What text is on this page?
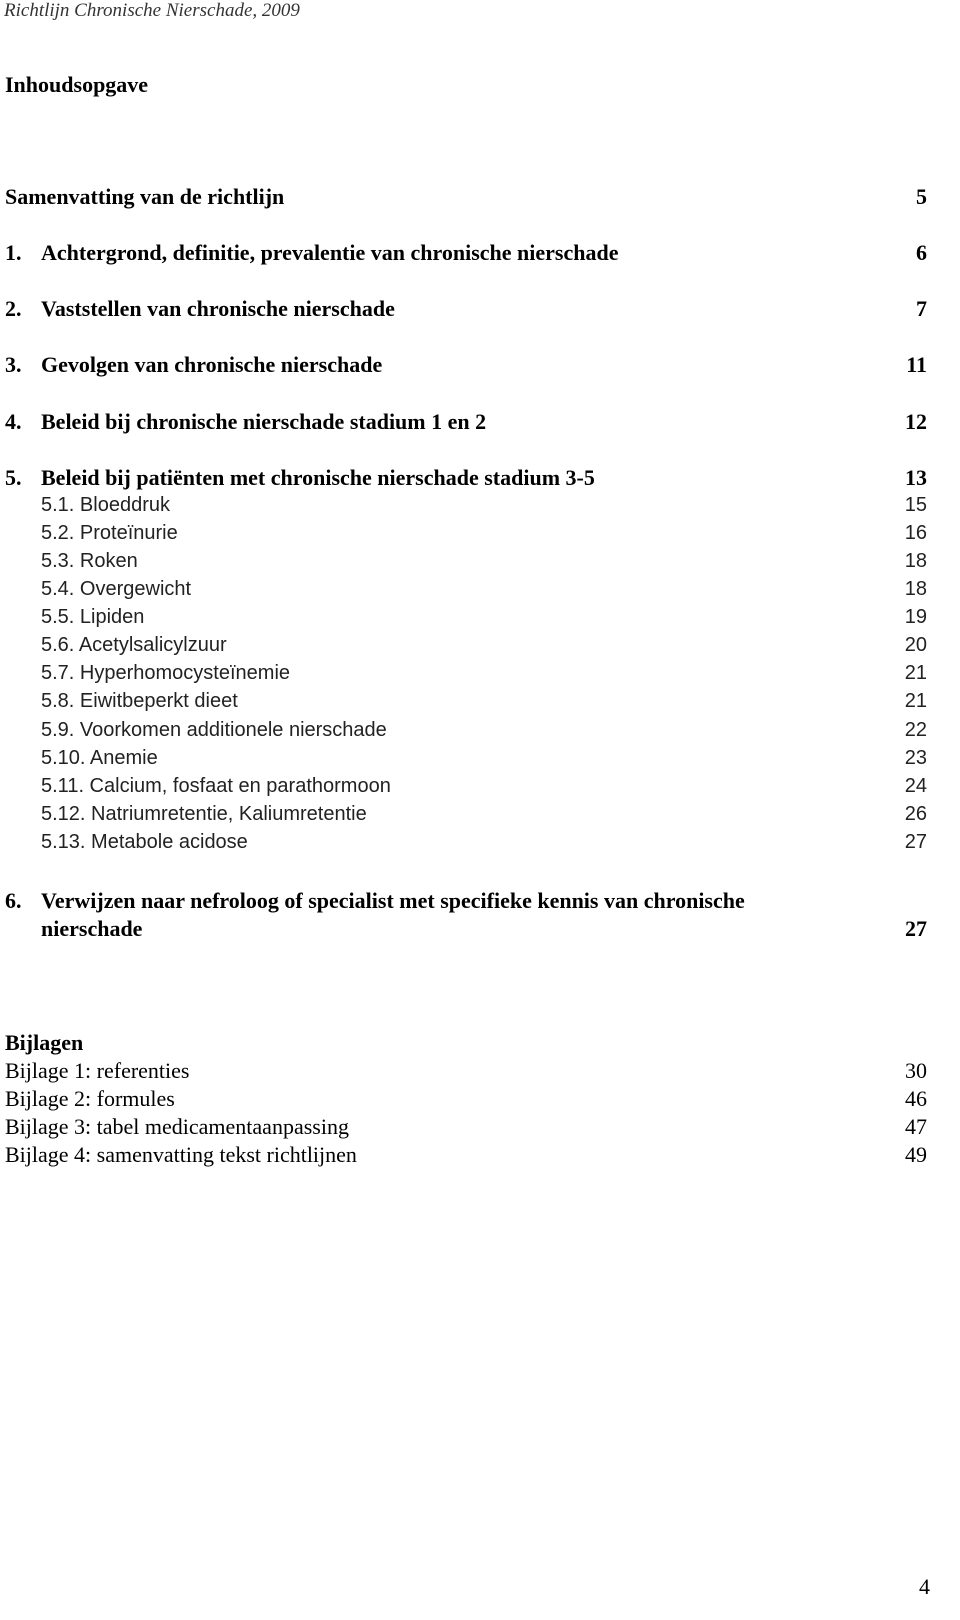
Richtlijn Chronische Nierschade, 2009
Inhoudsopgave
Samenvatting van de richtlijn	5
1. Achtergrond, definitie, prevalentie van chronische nierschade	6
2. Vaststellen van chronische nierschade	7
3. Gevolgen van chronische nierschade	11
4. Beleid bij chronische nierschade stadium 1 en 2	12
5. Beleid bij patiënten met chronische nierschade stadium 3-5	13
5.1. Bloeddruk	15
5.2. Proteïnurie	16
5.3. Roken	18
5.4. Overgewicht	18
5.5. Lipiden	19
5.6. Acetylsalicylzuur	20
5.7. Hyperhomocysteïnemie	21
5.8. Eiwitbeperkt dieet	21
5.9. Voorkomen additionele nierschade	22
5.10. Anemie	23
5.11. Calcium, fosfaat en parathormoon	24
5.12. Natriumretentie, Kaliumretentie	26
5.13. Metabole acidose	27
6. Verwijzen naar nefroloog of specialist met specifieke kennis van chronische
nierschade	27
Bijlagen
Bijlage 1: referenties	30
Bijlage 2: formules	46
Bijlage 3: tabel medicamentaanpassing	47
Bijlage 4: samenvatting tekst richtlijnen	49
4
